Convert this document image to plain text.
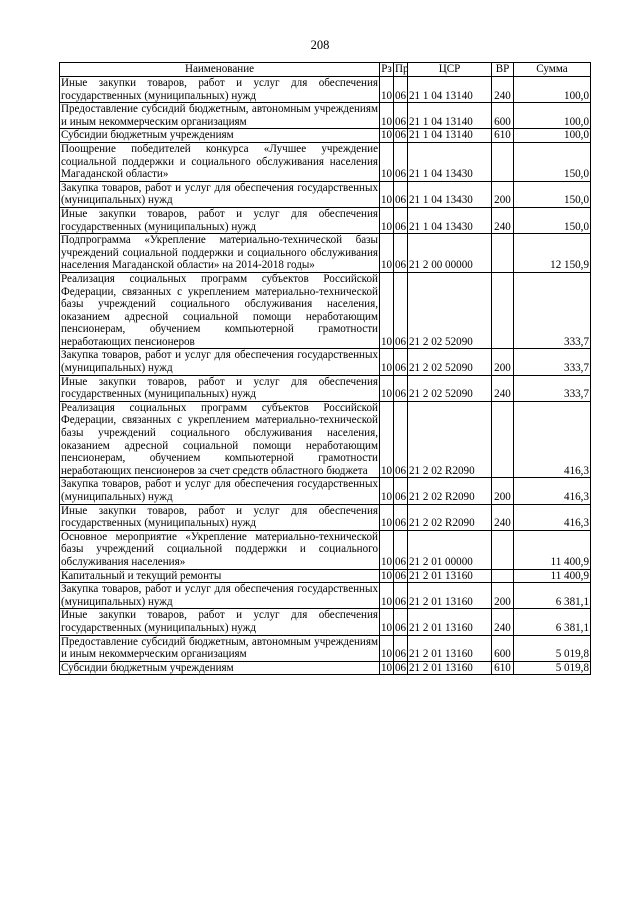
208
Наименование	Рз	Пр	ЦСР	ВР	Сумма
Иные закупки товаров, работ и услуг для обеспечения государственных (муниципальных) нужд	10	06	21 1 04 13140	240	100,0
Предоставление субсидий бюджетным, автономным учреждениям и иным некоммерческим организациям	10	06	21 1 04 13140	600	100,0
Субсидии бюджетным учреждениям	10	06	21 1 04 13140	610	100,0
Поощрение победителей конкурса «Лучшее учреждение социальной поддержки и социального обслуживания населения Магаданской области»	10	06	21 1 04 13430		150,0
Закупка товаров, работ и услуг для обеспечения государственных (муниципальных) нужд	10	06	21 1 04 13430	200	150,0
Иные закупки товаров, работ и услуг для обеспечения государственных (муниципальных) нужд	10	06	21 1 04 13430	240	150,0
Подпрограмма «Укрепление материально-технической базы учреждений социальной поддержки и социального обслуживания населения Магаданской области» на 2014-2018 годы»	10	06	21 2 00 00000		12 150,9
Реализация социальных программ субъектов Российской Федерации, связанных с укреплением материально-технической базы учреждений социального обслуживания населения, оказанием адресной социальной помощи неработающим пенсионерам, обучением компьютерной грамотности неработающих пенсионеров	10	06	21 2 02 52090		333,7
Закупка товаров, работ и услуг для обеспечения государственных (муниципальных) нужд	10	06	21 2 02 52090	200	333,7
Иные закупки товаров, работ и услуг для обеспечения государственных (муниципальных) нужд	10	06	21 2 02 52090	240	333,7
Реализация социальных программ субъектов Российской Федерации, связанных с укреплением материально-технической базы учреждений социального обслуживания населения, оказанием адресной социальной помощи неработающим пенсионерам, обучением компьютерной грамотности неработающих пенсионеров за счет средств областного бюджета	10	06	21 2 02 R2090		416,3
Закупка товаров, работ и услуг для обеспечения государственных (муниципальных) нужд	10	06	21 2 02 R2090	200	416,3
Иные закупки товаров, работ и услуг для обеспечения государственных (муниципальных) нужд	10	06	21 2 02 R2090	240	416,3
Основное мероприятие «Укрепление материально-технической базы учреждений социальной поддержки и социального обслуживания населения»	10	06	21 2 01 00000		11 400,9
Капитальный и текущий ремонты	10	06	21 2 01 13160		11 400,9
Закупка товаров, работ и услуг для обеспечения государственных (муниципальных) нужд	10	06	21 2 01 13160	200	6 381,1
Иные закупки товаров, работ и услуг для обеспечения государственных (муниципальных) нужд	10	06	21 2 01 13160	240	6 381,1
Предоставление субсидий бюджетным, автономным учреждениям и иным некоммерческим организациям	10	06	21 2 01 13160	600	5 019,8
Субсидии бюджетным учреждениям	10	06	21 2 01 13160	610	5 019,8
